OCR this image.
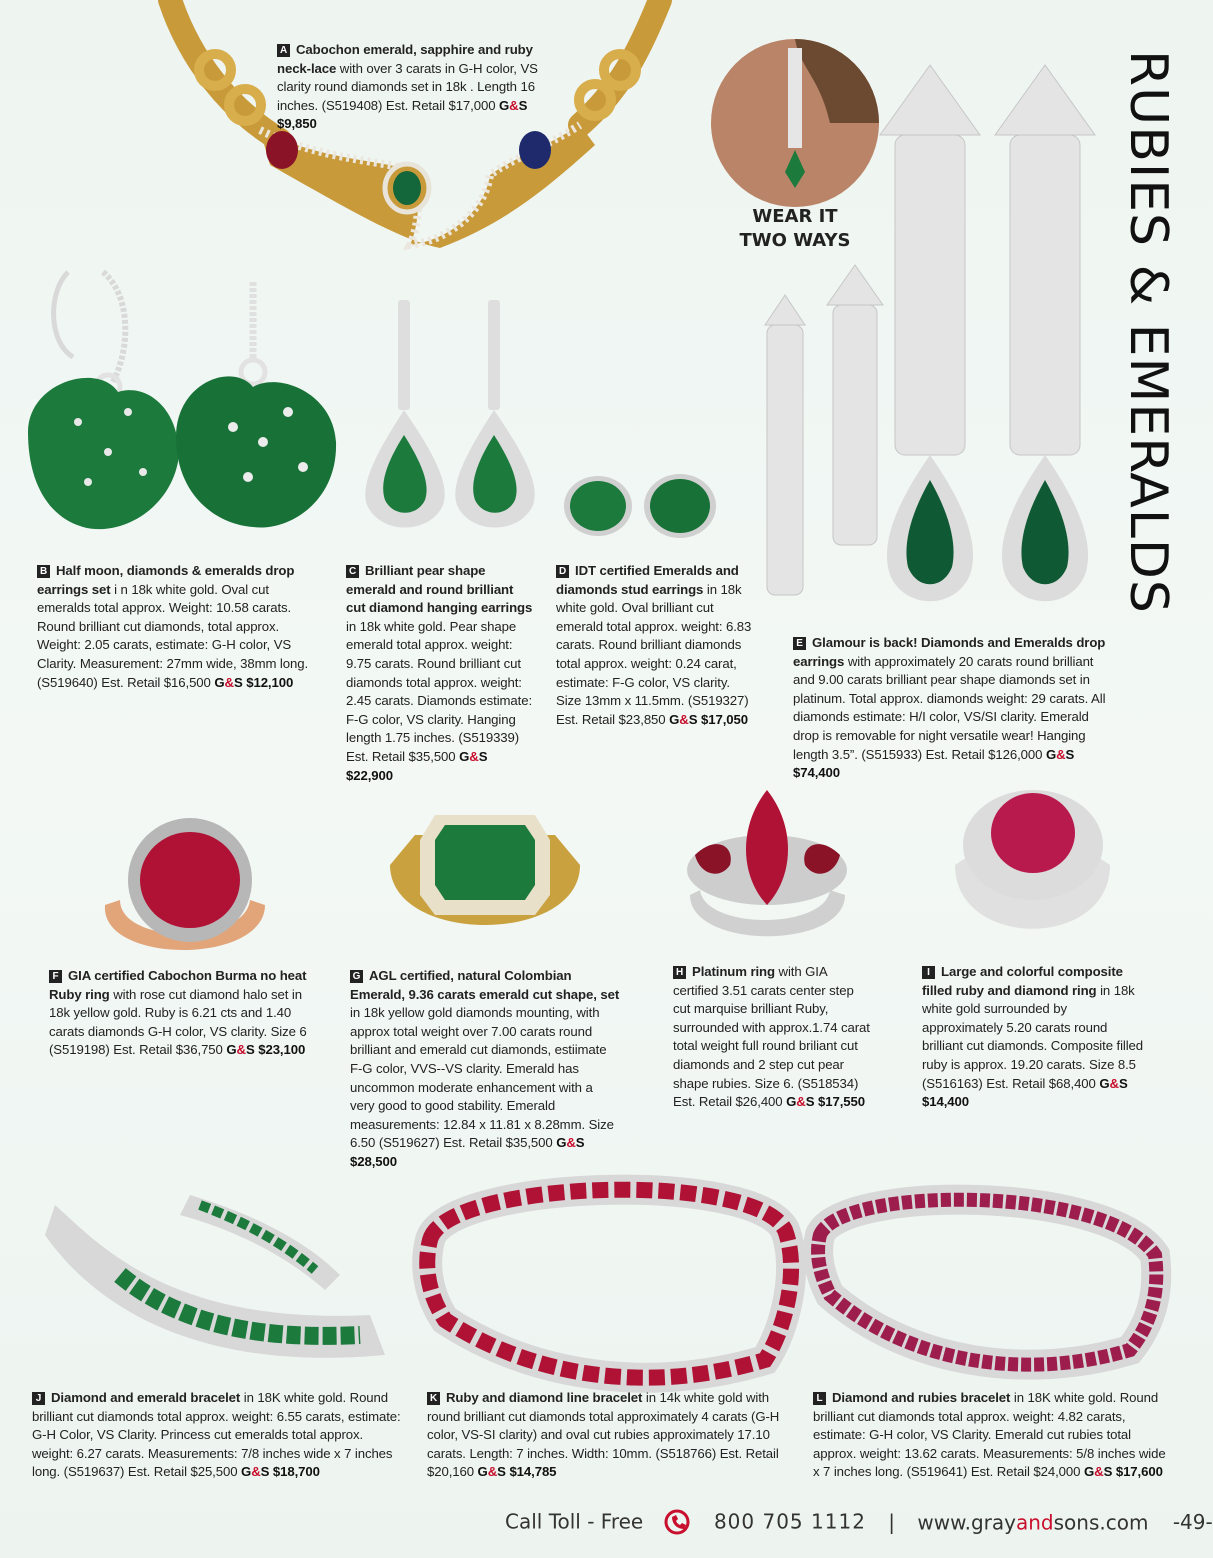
RUBIES & EMERALDS
WEAR IT
TWO WAYS
A Cabochon emerald, sapphire and ruby neck-lace with over 3 carats in G-H color, VS clarity round diamonds set in 18k . Length 16 inches. (S519408) Est. Retail $17,000 G&S $9,850
B Half moon, diamonds & emeralds drop earrings set i n 18k white gold. Oval cut emeralds total approx. Weight: 10.58 carats. Round brilliant cut diamonds, total approx. Weight: 2.05 carats, estimate: G-H color, VS Clarity. Measurement: 27mm wide, 38mm long. (S519640) Est. Retail $16,500 G&S $12,100
C Brilliant pear shape emerald and round brilliant cut diamond hanging earrings in 18k white gold. Pear shape emerald total approx. weight: 9.75 carats. Round brilliant cut diamonds total approx. weight: 2.45 carats. Diamonds estimate: F-G color, VS clarity. Hanging length 1.75 inches. (S519339) Est. Retail $35,500 G&S $22,900
D IDT certified Emeralds and diamonds stud earrings in 18k white gold. Oval brilliant cut emerald total approx. weight: 6.83 carats. Round brilliant diamonds total approx. weight: 0.24 carat, estimate: F-G color, VS clarity. Size 13mm x 11.5mm. (S519327) Est. Retail $23,850 G&S $17,050
E Glamour is back! Diamonds and Emeralds drop earrings with approximately 20 carats round brilliant and 9.00 carats brilliant pear shape diamonds set in platinum. Total approx. diamonds weight: 29 carats. All diamonds estimate: H/I color, VS/SI clarity. Emerald drop is removable for night versatile wear! Hanging length 3.5”. (S515933) Est. Retail $126,000 G&S $74,400
F GIA certified Cabochon Burma no heat Ruby ring with rose cut diamond halo set in 18k yellow gold. Ruby is 6.21 cts and 1.40 carats diamonds G-H color, VS clarity. Size 6 (S519198) Est. Retail $36,750 G&S $23,100
G AGL certified, natural Colombian Emerald, 9.36 carats emerald cut shape, set in 18k yellow gold diamonds mounting, with approx total weight over 7.00 carats round brilliant and emerald cut diamonds, estiimate F-G color, VVS--VS clarity. Emerald has uncommon moderate enhancement with a very good to good stability. Emerald measurements: 12.84 x 11.81 x 8.28mm. Size 6.50 (S519627) Est. Retail $35,500 G&S $28,500
H Platinum ring with GIA certified 3.51 carats center step cut marquise brilliant Ruby, surrounded with approx.1.74 carat total weight full round briliant cut diamonds and 2 step cut pear shape rubies. Size 6. (S518534) Est. Retail $26,400 G&S $17,550
I Large and colorful composite filled ruby and diamond ring in 18k white gold surrounded by approximately 5.20 carats round brilliant cut diamonds. Composite filled ruby is approx. 19.20 carats. Size 8.5 (S516163) Est. Retail $68,400 G&S $14,400
J Diamond and emerald bracelet in 18K white gold. Round brilliant cut diamonds total approx. weight: 6.55 carats, estimate: G-H Color, VS Clarity. Princess cut emeralds total approx. weight: 6.27 carats. Measurements: 7/8 inches wide x 7 inches long. (S519637) Est. Retail $25,500 G&S $18,700
K Ruby and diamond line bracelet in 14k white gold with round brilliant cut diamonds total approximately 4 carats (G-H color, VS-SI clarity) and oval cut rubies approximately 17.10 carats. Length: 7 inches. Width: 10mm. (S518766) Est. Retail $20,160 G&S $14,785
L Diamond and rubies bracelet in 18K white gold. Round brilliant cut diamonds total approx. weight: 4.82 carats, estimate: G-H color, VS Clarity. Emerald cut rubies total approx. weight: 13.62 carats. Measurements: 5/8 inches wide x 7 inches long. (S519641) Est. Retail $24,000 G&S $17,600
Call Toll - Free	800 705 1112 | www.grayandsons.com -49-
